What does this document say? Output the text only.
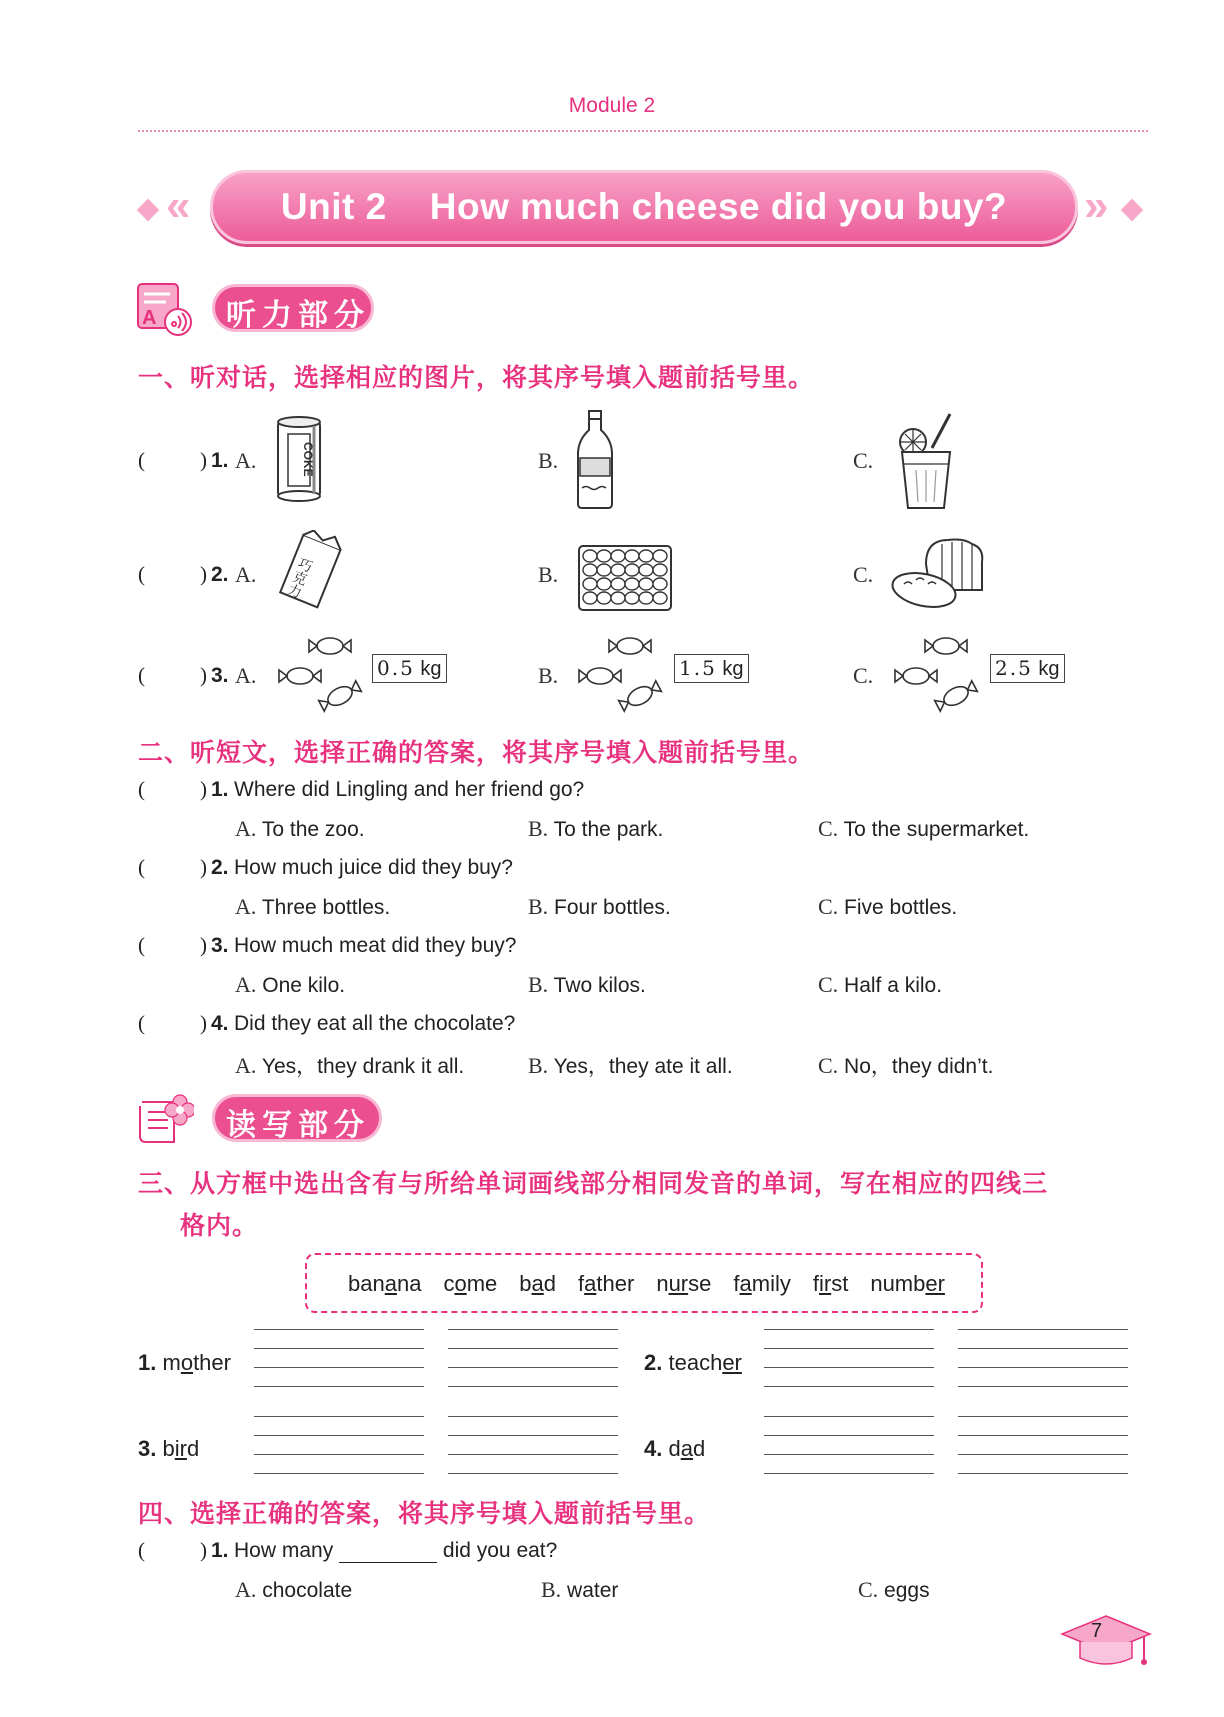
Module 2
«	Unit 2    How much cheese did you buy?	»
A 听力部分
一、听对话，选择相应的图片，将其序号填入题前括号里。
(	) 1. A.	COKE	B.	C.
(	) 2. A. 巧克力	B.	C.
(	) 3. A.	0.5 kg	B.	1.5 kg	C.	2.5 kg
二、听短文，选择正确的答案，将其序号填入题前括号里。
(	) 1. Where did Lingling and her friend go?
A. To the zoo.	B. To the park.	C. To the supermarket.
(	) 2. How much juice did they buy?
A. Three bottles.	B. Four bottles.	C. Five bottles.
(	) 3. How much meat did they buy?
A. One kilo.	B. Two kilos.	C. Half a kilo.
(	) 4. Did they eat all the chocolate?
A. Yes，they drank it all.	B. Yes，they ate it all.	C. No，they didn’t.
读写部分
三、从方框中选出含有与所给单词画线部分相同发音的单词，写在相应的四线三
格内。
banana come bad father nurse family first number
1. mother	2. teacher
3. bird	4. dad
四、选择正确的答案，将其序号填入题前括号里。
(	) 1. How many	did you eat?
A. chocolate	B. water	C. eggs
7
